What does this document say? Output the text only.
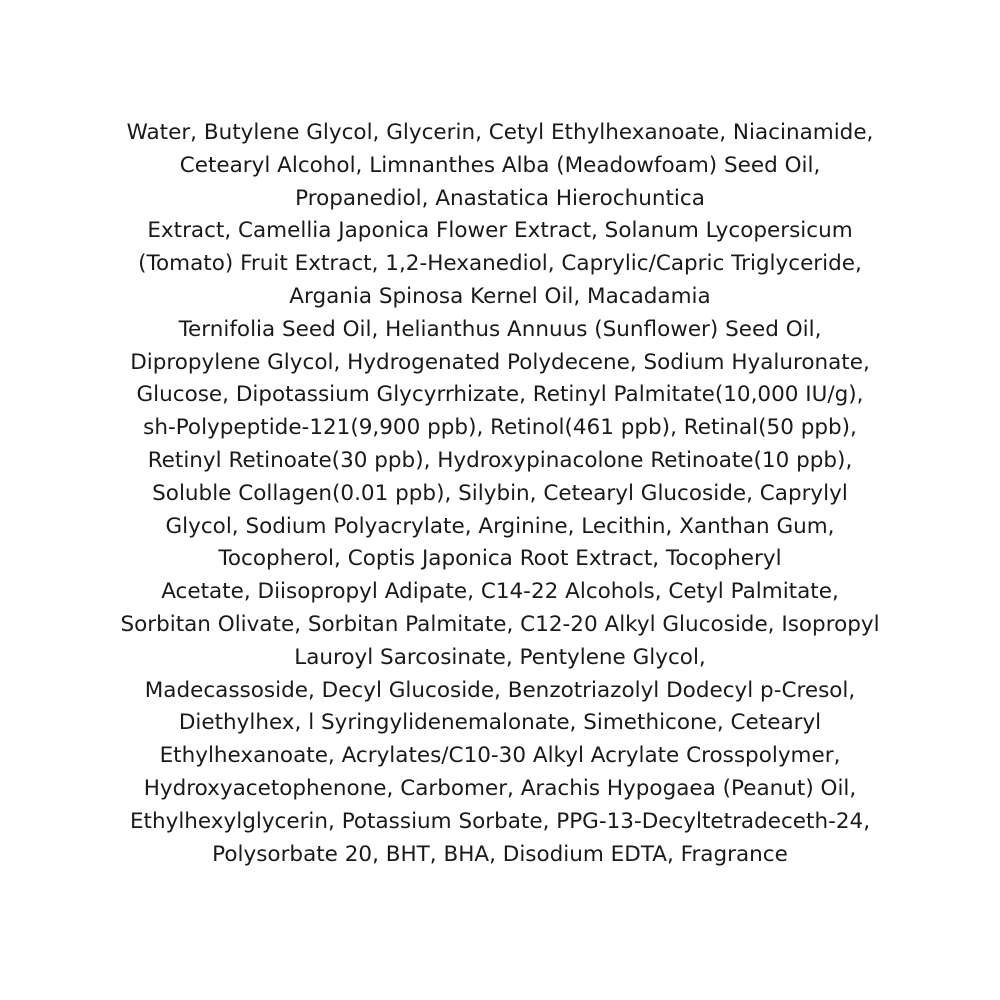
Water, Butylene Glycol, Glycerin, Cetyl Ethylhexanoate, Niacinamide,
Cetearyl Alcohol, Limnanthes Alba (Meadowfoam) Seed Oil,
Propanediol, Anastatica Hierochuntica
Extract, Camellia Japonica Flower Extract, Solanum Lycopersicum
(Tomato) Fruit Extract, 1,2-Hexanediol, Caprylic/Capric Triglyceride,
Argania Spinosa Kernel Oil, Macadamia
Ternifolia Seed Oil, Helianthus Annuus (Sunflower) Seed Oil,
Dipropylene Glycol, Hydrogenated Polydecene, Sodium Hyaluronate,
Glucose, Dipotassium Glycyrrhizate, Retinyl Palmitate(10,000 IU/g),
sh-Polypeptide-121(9,900 ppb), Retinol(461 ppb), Retinal(50 ppb),
Retinyl Retinoate(30 ppb), Hydroxypinacolone Retinoate(10 ppb),
Soluble Collagen(0.01 ppb), Silybin, Cetearyl Glucoside, Caprylyl
Glycol, Sodium Polyacrylate, Arginine, Lecithin, Xanthan Gum,
Tocopherol, Coptis Japonica Root Extract, Tocopheryl
Acetate, Diisopropyl Adipate, C14-22 Alcohols, Cetyl Palmitate,
Sorbitan Olivate, Sorbitan Palmitate, C12-20 Alkyl Glucoside, Isopropyl
Lauroyl Sarcosinate, Pentylene Glycol,
Madecassoside, Decyl Glucoside, Benzotriazolyl Dodecyl p-Cresol,
Diethylhex, l Syringylidenemalonate, Simethicone, Cetearyl
Ethylhexanoate, Acrylates/C10-30 Alkyl Acrylate Crosspolymer,
Hydroxyacetophenone, Carbomer, Arachis Hypogaea (Peanut) Oil,
Ethylhexylglycerin, Potassium Sorbate, PPG-13-Decyltetradeceth-24,
Polysorbate 20, BHT, BHA, Disodium EDTA, Fragrance
